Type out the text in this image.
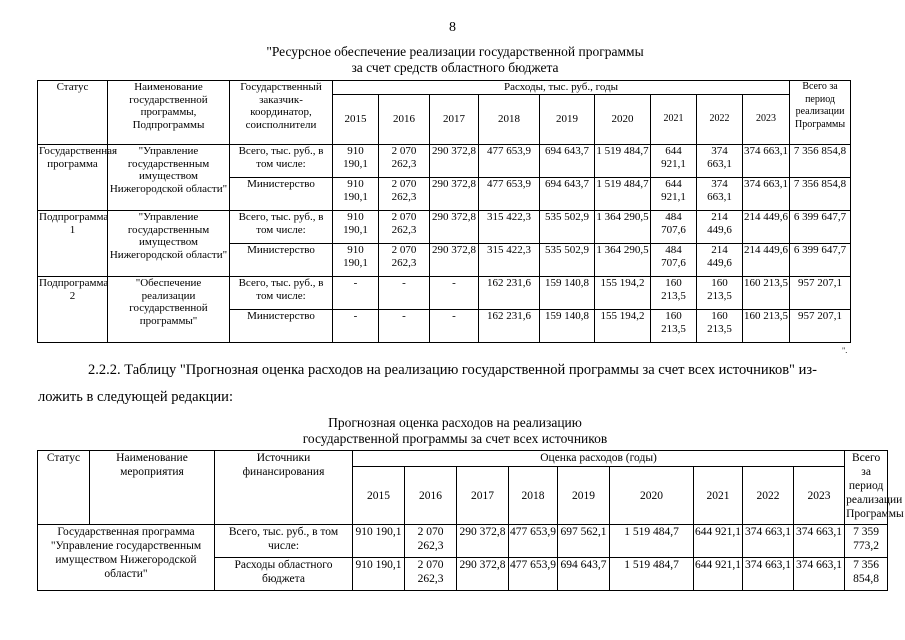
8
"Ресурсное обеспечение реализации государственной программы
за счет средств областного бюджета
Статус	Наименование государственной программы, Подпрограммы	Государственный заказчик-координатор, соисполнители	Расходы, тыс. руб., годы									Всего за период реализации Программы
			2015	2016	2017	2018	2019	2020	2021	2022	2023	
Государственная программа	"Управление государственным имуществом Нижегородской области"	Всего, тыс. руб., в том числе:	910 190,1	2 070 262,3	290 372,8	477 653,9	694 643,7	1 519 484,7	644 921,1	374 663,1	374 663,1	7 356 854,8
		Министерство	910 190,1	2 070 262,3	290 372,8	477 653,9	694 643,7	1 519 484,7	644 921,1	374 663,1	374 663,1	7 356 854,8
Подпрограмма 1	"Управление государственным имуществом Нижегородской области"	Всего, тыс. руб., в том числе:	910 190,1	2 070 262,3	290 372,8	315 422,3	535 502,9	1 364 290,5	484 707,6	214 449,6	214 449,6	6 399 647,7
		Министерство	910 190,1	2 070 262,3	290 372,8	315 422,3	535 502,9	1 364 290,5	484 707,6	214 449,6	214 449,6	6 399 647,7
Подпрограмма 2	"Обеспечение реализации государственной программы"	Всего, тыс. руб., в том числе:	-	-	-	162 231,6	159 140,8	155 194,2	160 213,5	160 213,5	160 213,5	957 207,1
		Министерство	-	-	-	162 231,6	159 140,8	155 194,2	160 213,5	160 213,5	160 213,5	957 207,1
".
2.2.2. Таблицу "Прогнозная оценка расходов на реализацию государственной программы за счет всех источников" из-
ложить в следующей редакции:
Прогнозная оценка расходов на реализацию
государственной программы за счет всех источников
Статус	Наименование мероприятия	Источники финансирования	Оценка расходов (годы)									Всего за период реализации Программы
			2015	2016	2017	2018	2019	2020	2021	2022	2023	
Государственная программа "Управление государственным имуществом Нижегородской области"		Всего, тыс. руб., в том числе:	910 190,1	2 070 262,3	290 372,8	477 653,9	697 562,1	1 519 484,7	644 921,1	374 663,1	374 663,1	7 359 773,2
		Расходы областного бюджета	910 190,1	2 070 262,3	290 372,8	477 653,9	694 643,7	1 519 484,7	644 921,1	374 663,1	374 663,1	7 356 854,8
